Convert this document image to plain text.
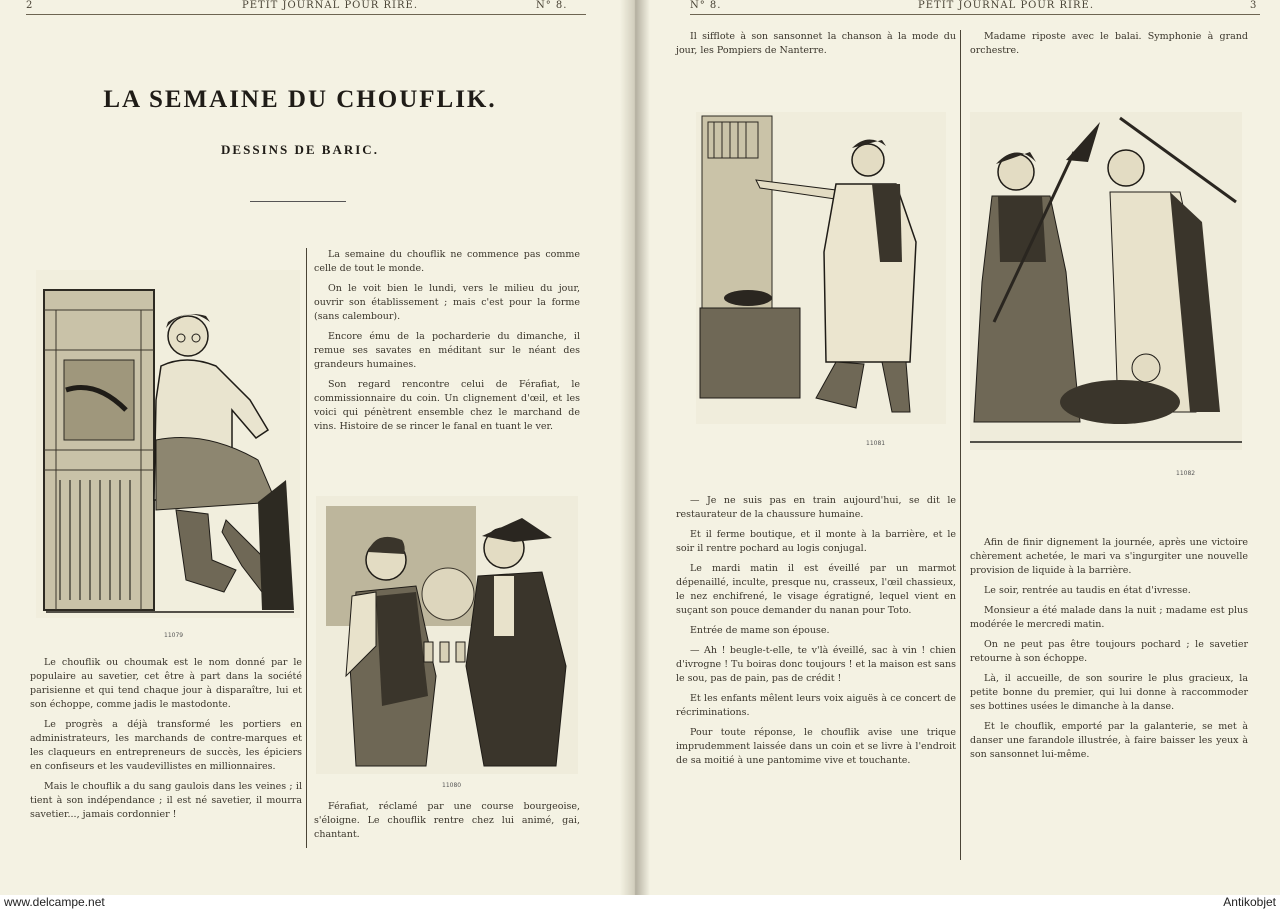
2	PETIT JOURNAL POUR RIRE.	N° 8.
LA SEMAINE DU CHOUFLIK.
DESSINS DE BARIC.
11079

Le chouflik ou choumak est le nom donné par le populaire au savetier, cet être à part dans la société parisienne et qui tend chaque jour à disparaître, lui et son échoppe, comme jadis le mastodonte.

Le progrès a déjà transformé les portiers en administrateurs, les marchands de contre-marques et les claqueurs en entrepreneurs de succès, les épiciers en confiseurs et les vaudevillistes en millionnaires.

Mais le chouflik a du sang gaulois dans les veines ; il tient à son indépendance ; il est né savetier, il mourra savetier..., jamais cordonnier !

La semaine du chouflik ne commence pas comme celle de tout le monde.

On le voit bien le lundi, vers le milieu du jour, ouvrir son établissement ; mais c'est pour la forme (sans calembour).

Encore ému de la pocharderie du dimanche, il remue ses savates en méditant sur le néant des grandeurs humaines.

Son regard rencontre celui de Férafiat, le commissionnaire du coin. Un clignement d'œil, et les voici qui pénètrent ensemble chez le marchand de vins. Histoire de se rincer le fanal en tuant le ver.

11080

Férafiat, réclamé par une course bourgeoise, s'éloigne. Le chouflik rentre chez lui animé, gai, chantant.

N° 8.	PETIT JOURNAL POUR RIRE.	3

Il sifflote à son sansonnet la chanson à la mode du jour, les Pompiers de Nanterre.

Madame riposte avec le balai. Symphonie à grand orchestre.

11081
11082

— Je ne suis pas en train aujourd'hui, se dit le restaurateur de la chaussure humaine.

Et il ferme boutique, et il monte à la barrière, et le soir il rentre pochard au logis conjugal.

Le mardi matin il est éveillé par un marmot dépenaillé, inculte, presque nu, crasseux, l'œil chassieux, le nez enchifrené, le visage égratigné, lequel vient en suçant son pouce demander du nanan pour Toto.

Entrée de mame son épouse.

— Ah ! beugle-t-elle, te v'là éveillé, sac à vin ! chien d'ivrogne ! Tu boiras donc toujours ! et la maison est sans le sou, pas de pain, pas de crédit !

Et les enfants mêlent leurs voix aiguës à ce concert de récriminations.

Pour toute réponse, le chouflik avise une trique imprudemment laissée dans un coin et se livre à l'endroit de sa moitié à une pantomime vive et touchante.

Afin de finir dignement la journée, après une victoire chèrement achetée, le mari va s'ingurgiter une nouvelle provision de liquide à la barrière.

Le soir, rentrée au taudis en état d'ivresse.

Monsieur a été malade dans la nuit ; madame est plus modérée le mercredi matin.

On ne peut pas être toujours pochard ; le savetier retourne à son échoppe.

Là, il accueille, de son sourire le plus gracieux, la petite bonne du premier, qui lui donne à raccommoder ses bottines usées le dimanche à la danse.

Et le chouflik, emporté par la galanterie, se met à danser une farandole illustrée, à faire baisser les yeux à son sansonnet lui-même.

www.delcampe.net	Antikobjet
